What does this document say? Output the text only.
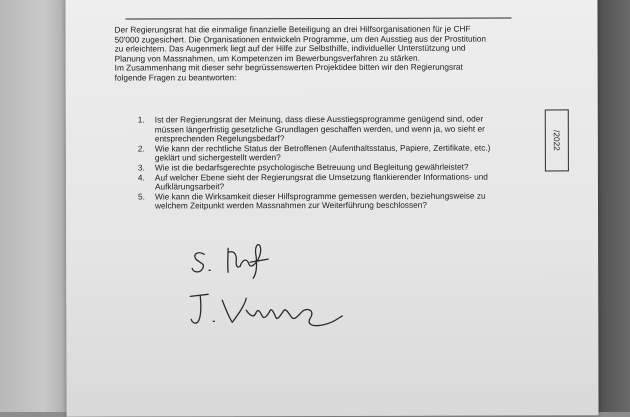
Der Regierungsrat hat die einmalige finanzielle Beteiligung an drei Hilfsorganisationen für je CHF
50'000 zugesichert. Die Organisationen entwickeln Programme, um den Ausstieg aus der Prostitution
zu erleichtern. Das Augenmerk liegt auf der Hilfe zur Selbsthilfe, individueller Unterstützung und
Planung von Massnahmen, um Kompetenzen im Bewerbungsverfahren zu stärken.
Im Zusammenhang mit dieser sehr begrüssenswerten Projektidee bitten wir den Regierungsrat
folgende Fragen zu beantworten:
1. Ist der Regierungsrat der Meinung, dass diese Ausstiegsprogramme genügend sind, oder
müssen längerfristig gesetzliche Grundlagen geschaffen werden, und wenn ja, wo sieht er
entsprechenden Regelungsbedarf?
2. Wie kann der rechtliche Status der Betroffenen (Aufenthaltsstatus, Papiere, Zertifikate, etc.)
geklärt und sichergestellt werden?
3. Wie ist die bedarfsgerechte psychologische Betreuung und Begleitung gewährleistet?
4. Auf welcher Ebene sieht der Regierungsrat die Umsetzung flankierender Informations- und
Aufklärungsarbeit?
5. Wie kann die Wirksamkeit dieser Hilfsprogramme gemessen werden, beziehungsweise zu
welchem Zeitpunkt werden Massnahmen zur Weiterführung beschlossen?
/2022
